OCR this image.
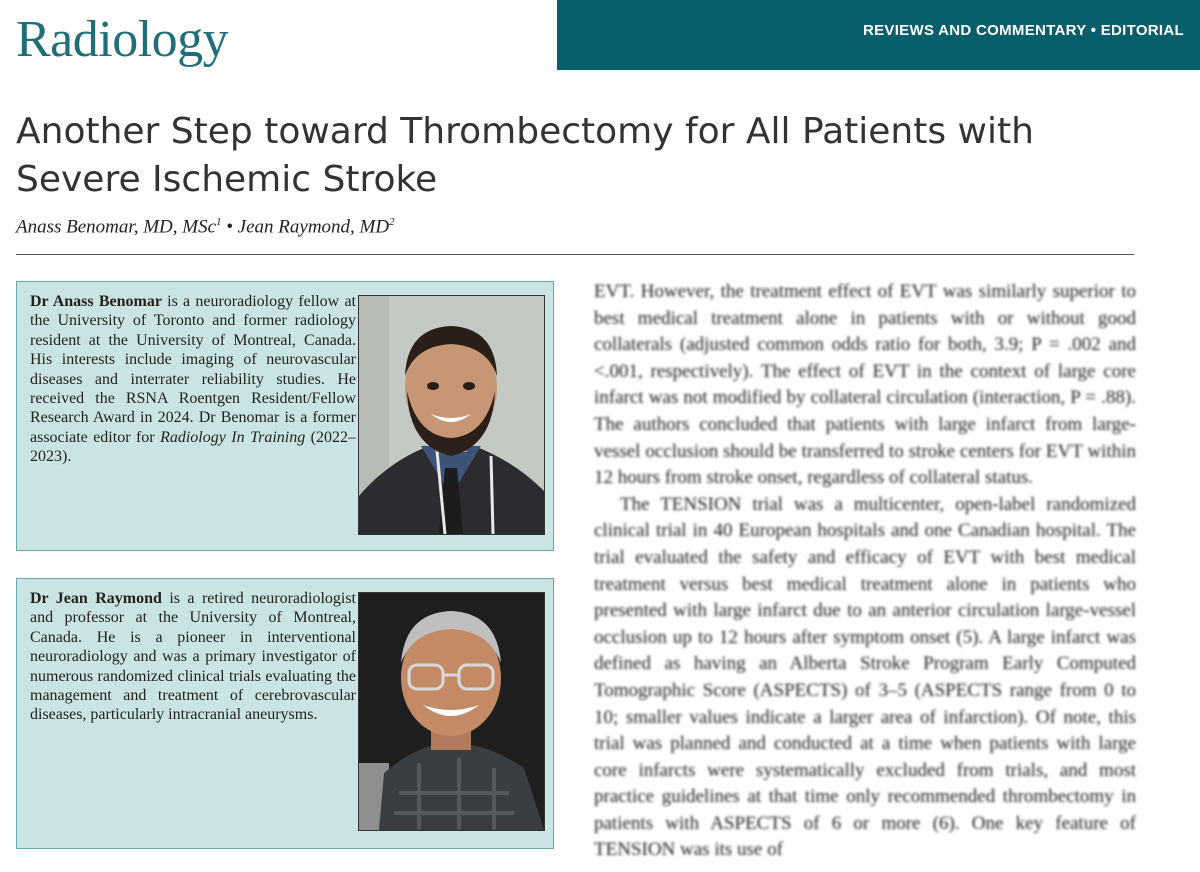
Radiology	REVIEWS AND COMMENTARY • EDITORIAL
Another Step toward Thrombectomy for All Patients with
Severe Ischemic Stroke
Anass Benomar, MD, MSc$^1$ • Jean Raymond, $MD^2$
Dr Anass Benomar is a neuroradiology fellow at the University of Toronto and former radiology resident at the University of Montreal, Canada. His interests include imaging of neurovascular diseases and interrater reliability studies. He received the RSNA Roentgen Resident/Fellow Research Award in 2024. Dr Benomar is a former associate editor for Radiology In Training (2022–2023).
Dr Jean Raymond is a retired neuroradiologist and professor at the University of Montreal, Canada. He is a pioneer in interventional neuroradiology and was a primary investigator of numerous randomized clinical trials evaluating the management and treatment of cerebrovascular diseases, particularly intracranial aneurysms.

EVT. However, the treatment effect of EVT was similarly superior to best medical treatment alone in patients with or without good collaterals (adjusted common odds ratio for both, 3.9; P = .002 and <.001, respectively). The effect of EVT in the context of large core infarct was not modified by collateral circulation (interaction, P = .88). The authors concluded that patients with large infarct from large-vessel occlusion should be transferred to stroke centers for EVT within 12 hours from stroke onset, regardless of collateral status.

The TENSION trial was a multicenter, open-label randomized clinical trial in 40 European hospitals and one Canadian hospital. The trial evaluated the safety and efficacy of EVT with best medical treatment versus best medical treatment alone in patients who presented with large infarct due to an anterior circulation large-vessel occlusion up to 12 hours after symptom onset (5). A large infarct was defined as having an Alberta Stroke Program Early Computed Tomographic Score (ASPECTS) of 3–5 (ASPECTS range from 0 to 10; smaller values indicate a larger area of infarction). Of note, this trial was planned and conducted at a time when patients with large core infarcts were systematically excluded from trials, and most practice guidelines at that time only recommended thrombectomy in patients with ASPECTS of 6 or more (6). One key feature of TENSION was its use of
